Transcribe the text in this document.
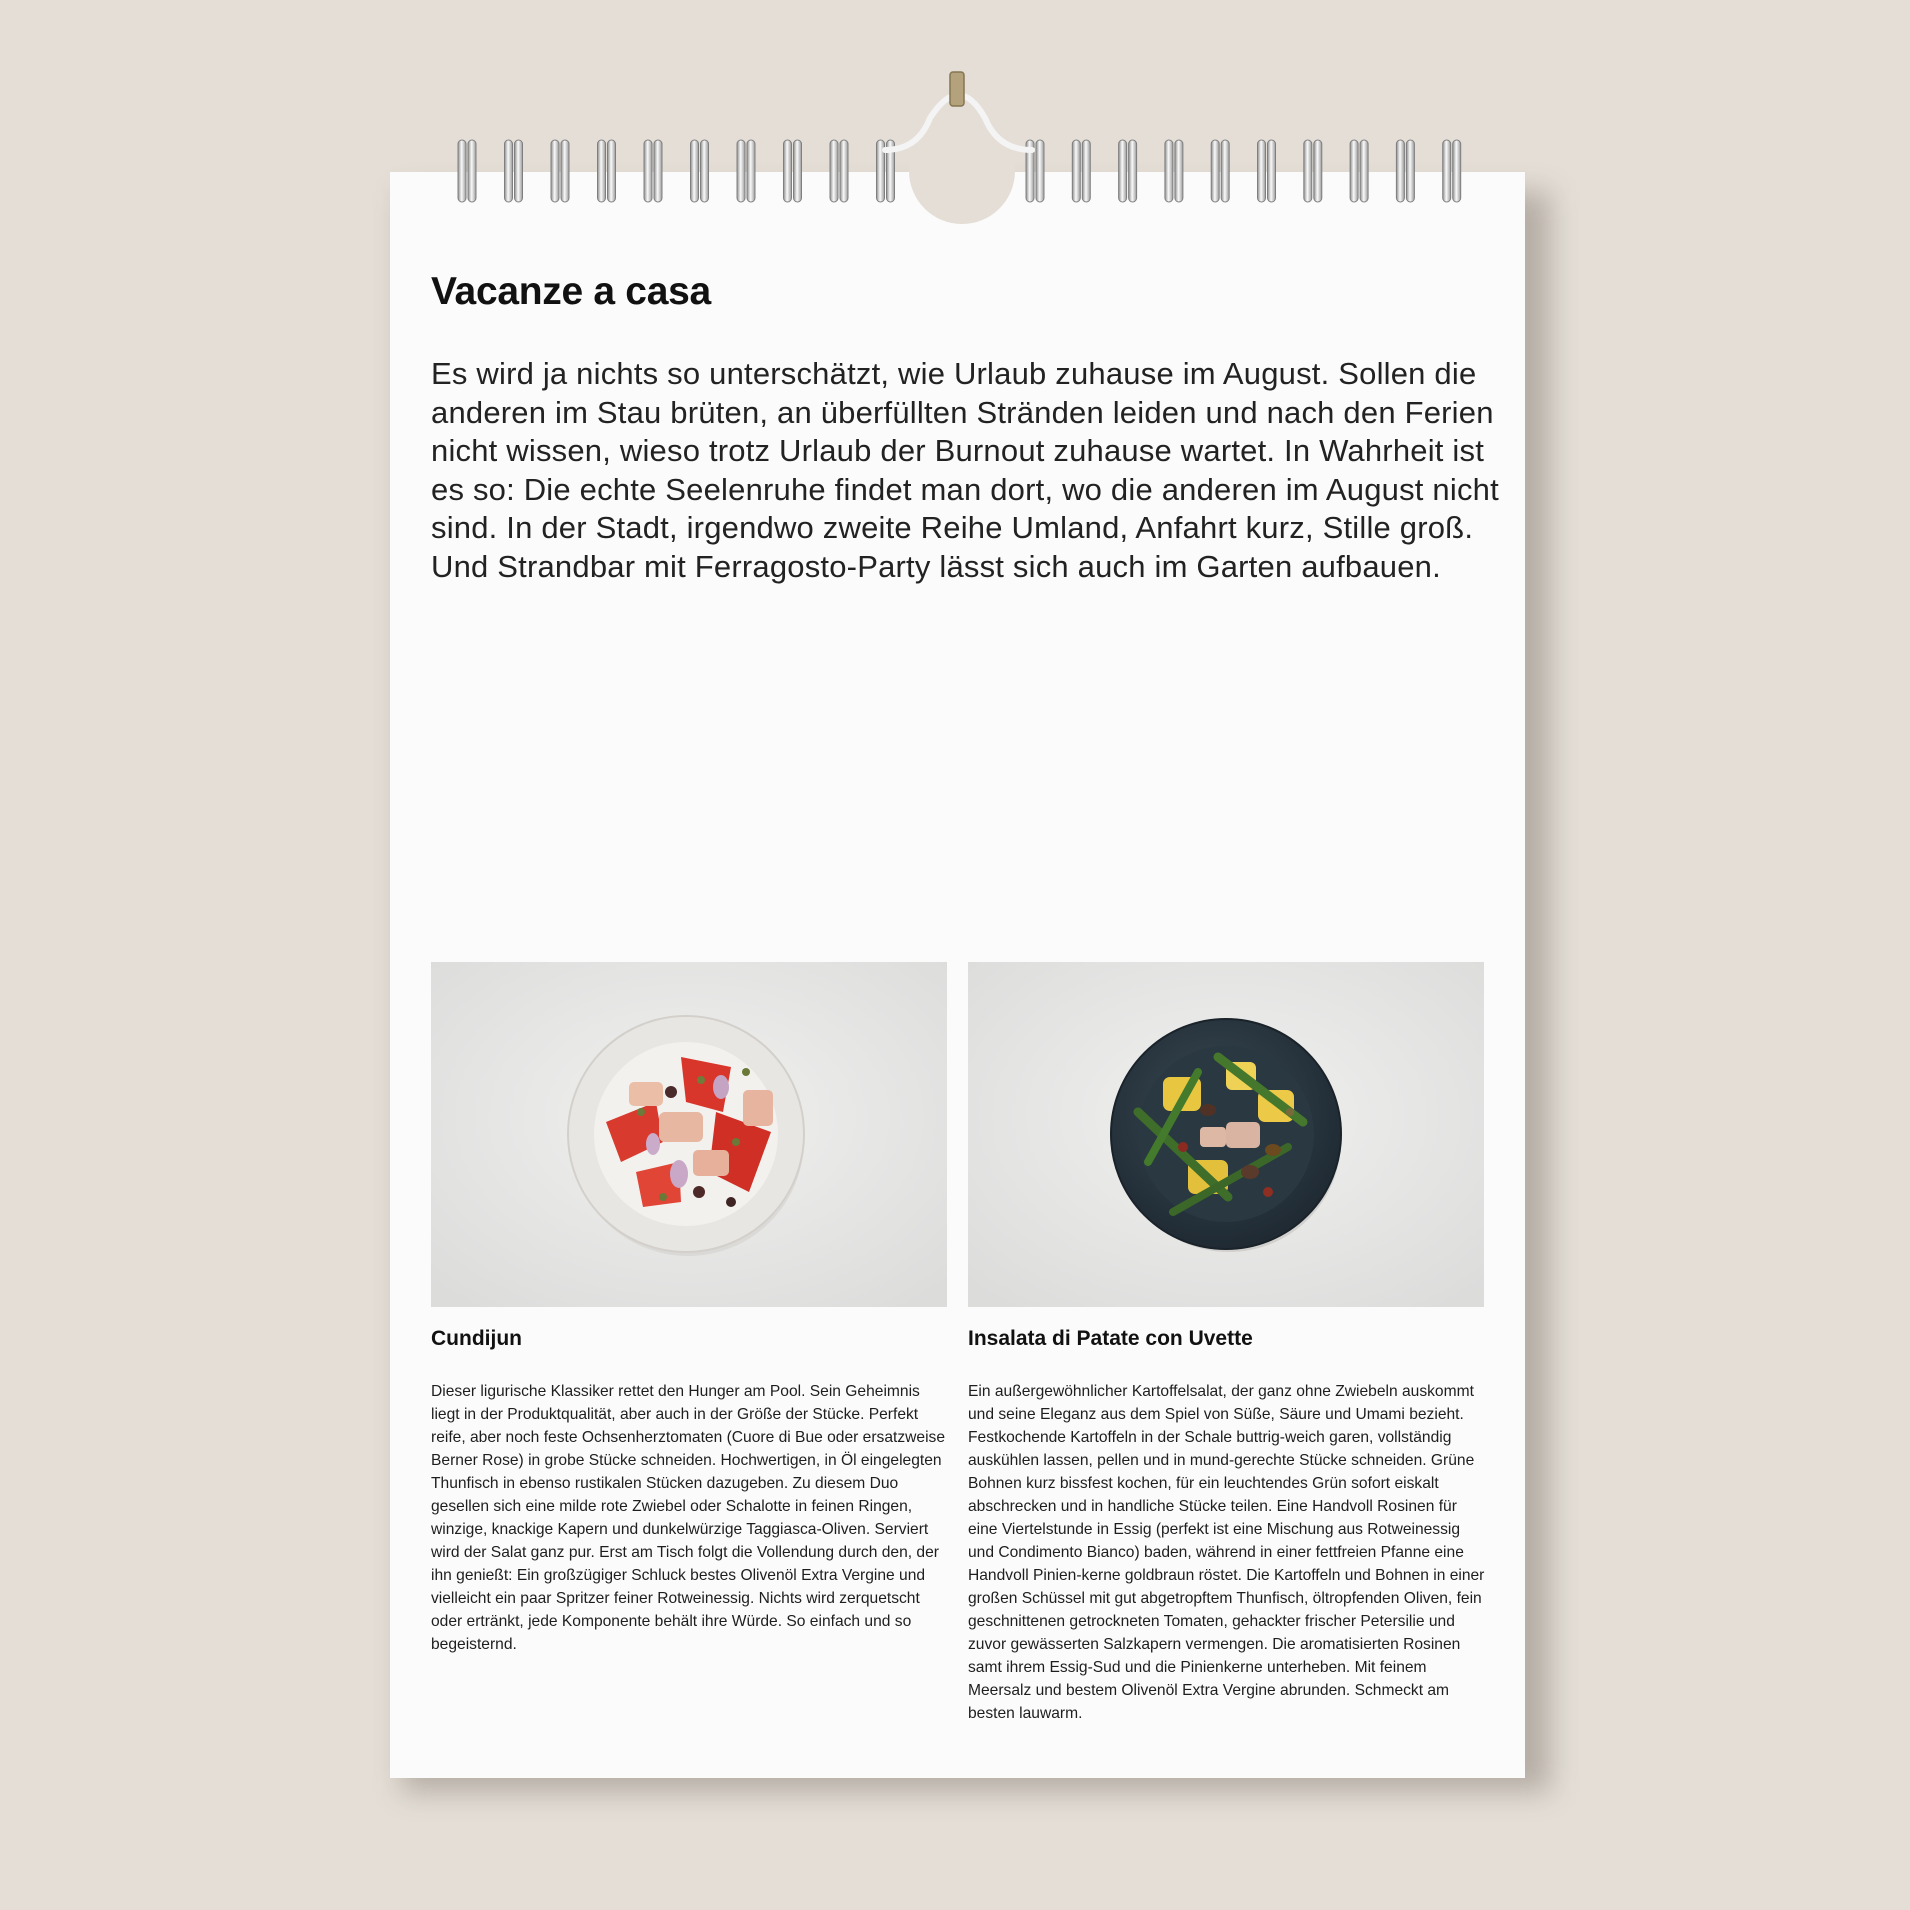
Vacanze a casa

Es wird ja nichts so unterschätzt, wie Urlaub zuhause im August. Sollen die anderen im Stau brüten, an überfüllten Stränden leiden und nach den Ferien nicht wissen, wieso trotz Urlaub der Burnout zuhause wartet. In Wahrheit ist es so: Die echte Seelenruhe findet man dort, wo die anderen im August nicht sind. In der Stadt, irgendwo zweite Reihe Umland, Anfahrt kurz, Stille groß. Und Strandbar mit Ferragosto-Party lässt sich auch im Garten aufbauen.

Cundijun

Dieser ligurische Klassiker rettet den Hunger am Pool. Sein Geheimnis liegt in der Produktqualität, aber auch in der Größe der Stücke. Perfekt reife, aber noch feste Ochsenherztomaten (Cuore di Bue oder ersatzweise Berner Rose) in grobe Stücke schneiden. Hochwertigen, in Öl eingelegten Thunfisch in ebenso rustikalen Stücken dazugeben. Zu diesem Duo gesellen sich eine milde rote Zwiebel oder Schalotte in feinen Ringen, winzige, knackige Kapern und dunkelwürzige Taggiasca-Oliven. Serviert wird der Salat ganz pur. Erst am Tisch folgt die Vollendung durch den, der ihn genießt: Ein großzügiger Schluck bestes Olivenöl Extra Vergine und vielleicht ein paar Spritzer feiner Rotweinessig. Nichts wird zerquetscht oder ertränkt, jede Komponente behält ihre Würde. So einfach und so begeisternd.

Insalata di Patate con Uvette

Ein außergewöhnlicher Kartoffelsalat, der ganz ohne Zwiebeln auskommt und seine Eleganz aus dem Spiel von Süße, Säure und Umami bezieht. Festkochende Kartoffeln in der Schale buttrig-weich garen, vollständig auskühlen lassen, pellen und in mund-gerechte Stücke schneiden. Grüne Bohnen kurz bissfest kochen, für ein leuchtendes Grün sofort eiskalt abschrecken und in handliche Stücke teilen. Eine Handvoll Rosinen für eine Viertelstunde in Essig (perfekt ist eine Mischung aus Rotweinessig und Condimento Bianco) baden, während in einer fettfreien Pfanne eine Handvoll Pinien-kerne goldbraun röstet. Die Kartoffeln und Bohnen in einer großen Schüssel mit gut abgetropftem Thunfisch, öltropfenden Oliven, fein geschnittenen getrockneten Tomaten, gehackter frischer Petersilie und zuvor gewässerten Salzkapern vermengen. Die aromatisierten Rosinen samt ihrem Essig-Sud und die Pinienkerne unterheben. Mit feinem Meersalz und bestem Olivenöl Extra Vergine abrunden. Schmeckt am besten lauwarm.
